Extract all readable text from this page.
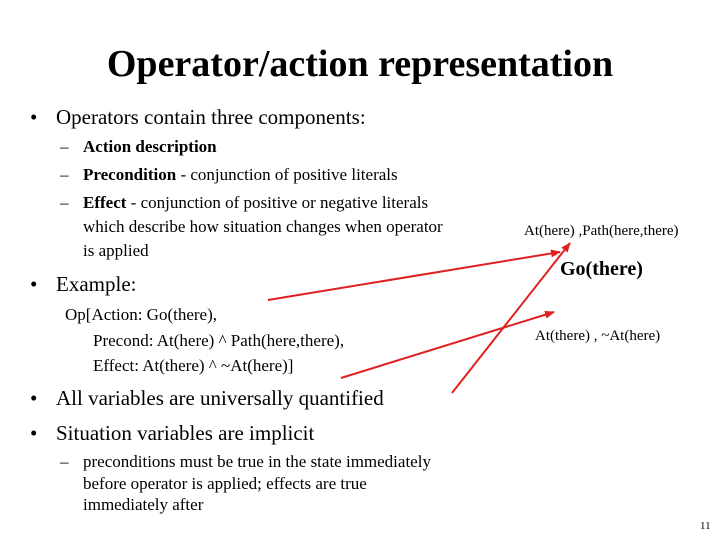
Operator/action representation
• Operators contain three components:
– Action description
– Precondition - conjunction of positive literals
– Effect - conjunction of positive or negative literals
which describe how situation changes when operator
is applied
• Example:
Op[Action: Go(there),
Precond: At(here) ^ Path(here,there),
Effect: At(there) ^ ~At(here)]
• All variables are universally quantified
• Situation variables are implicit
– preconditions must be true in the state immediately
before operator is applied; effects are true
immediately after
At(here) ,Path(here,there)
Go(there)
At(there) , ~At(here)
11
